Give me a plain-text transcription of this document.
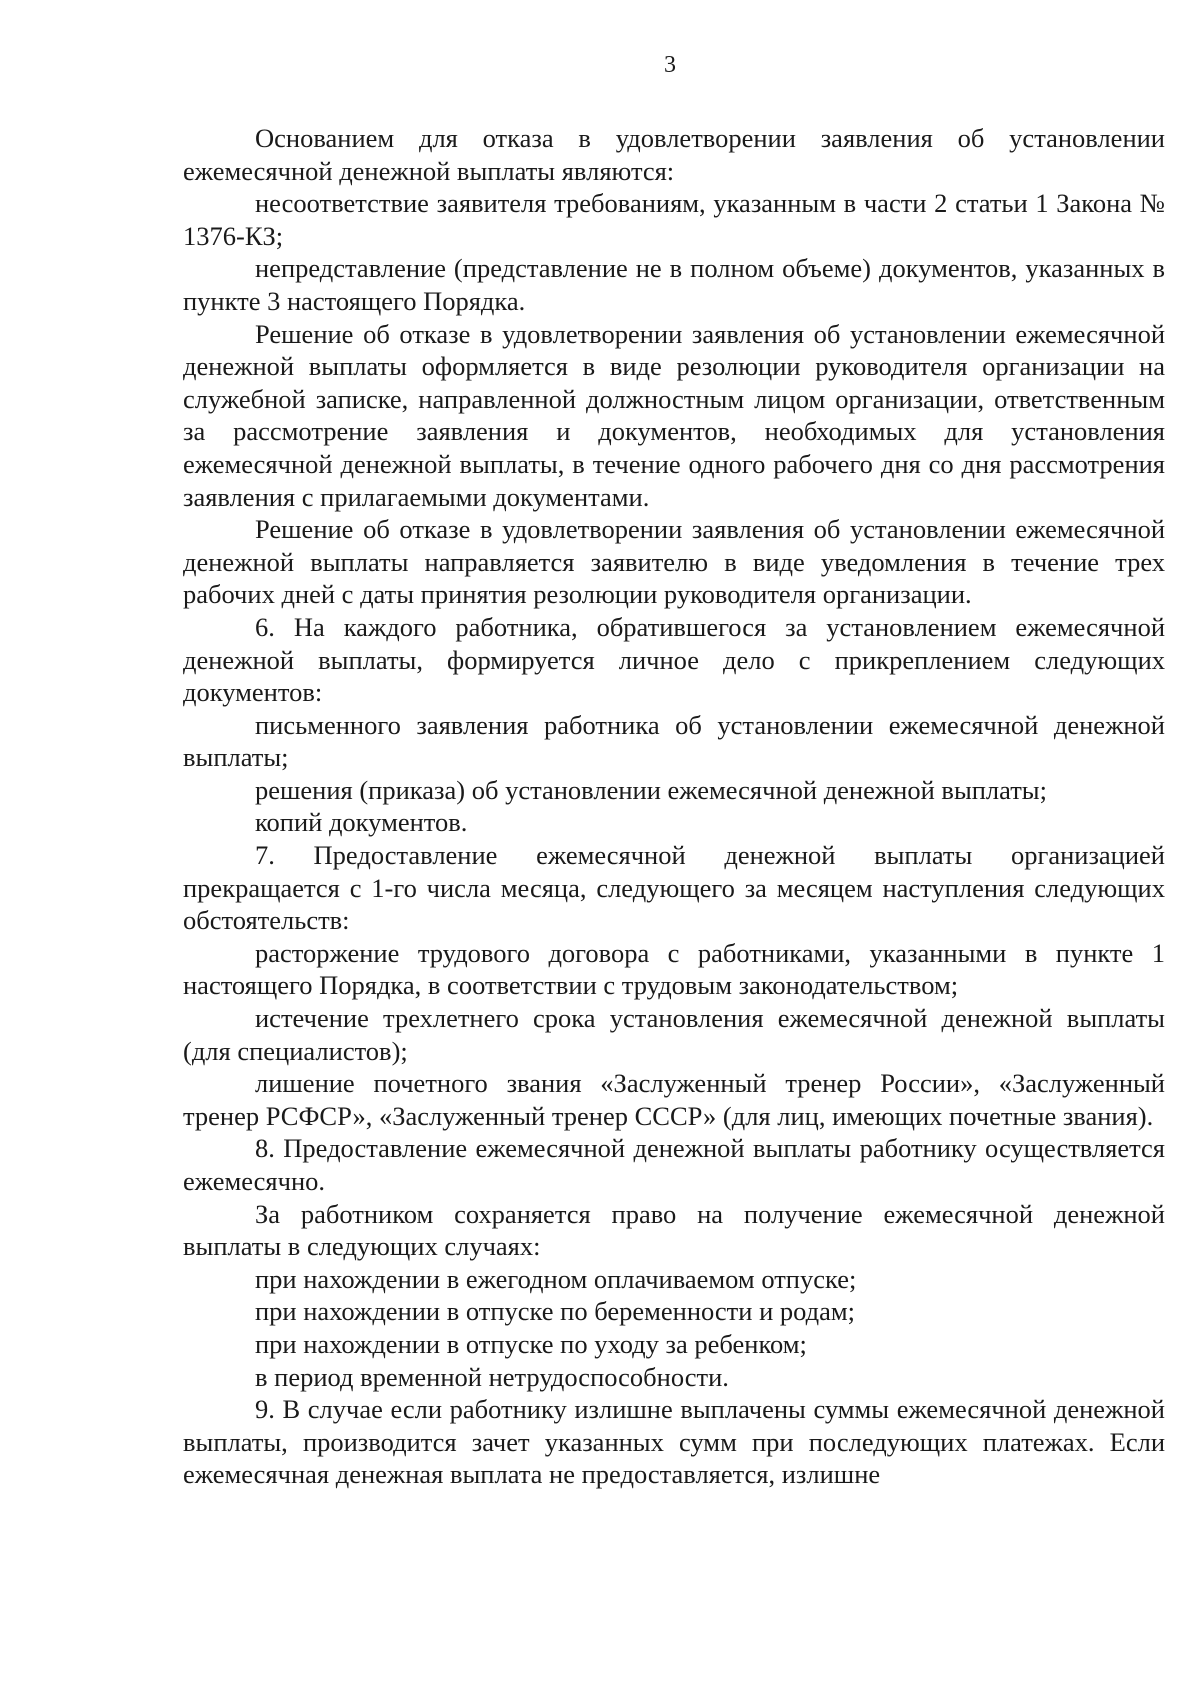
3

Основанием для отказа в удовлетворении заявления об установлении ежемесячной денежной выплаты являются:

несоответствие заявителя требованиям, указанным в части 2 статьи 1 Закона № 1376-КЗ;

непредставление (представление не в полном объеме) документов, указанных в пункте 3 настоящего Порядка.

Решение об отказе в удовлетворении заявления об установлении ежемесячной денежной выплаты оформляется в виде резолюции руководителя организации на служебной записке, направленной должностным лицом организации, ответственным за рассмотрение заявления и документов, необходимых для установления ежемесячной денежной выплаты, в течение одного рабочего дня со дня рассмотрения заявления с прилагаемыми документами.

Решение об отказе в удовлетворении заявления об установлении ежемесячной денежной выплаты направляется заявителю в виде уведомления в течение трех рабочих дней с даты принятия резолюции руководителя организации.

6. На каждого работника, обратившегося за установлением ежемесячной денежной выплаты, формируется личное дело с прикреплением следующих документов:

письменного заявления работника об установлении ежемесячной денежной выплаты;

решения (приказа) об установлении ежемесячной денежной выплаты;

копий документов.

7. Предоставление ежемесячной денежной выплаты организацией прекращается с 1-го числа месяца, следующего за месяцем наступления следующих обстоятельств:

расторжение трудового договора с работниками, указанными в пункте 1 настоящего Порядка, в соответствии с трудовым законодательством;

истечение трехлетнего срока установления ежемесячной денежной выплаты (для специалистов);

лишение почетного звания «Заслуженный тренер России», «Заслуженный тренер РСФСР», «Заслуженный тренер СССР» (для лиц, имеющих почетные звания).

8. Предоставление ежемесячной денежной выплаты работнику осуществляется ежемесячно.

За работником сохраняется право на получение ежемесячной денежной выплаты в следующих случаях:

при нахождении в ежегодном оплачиваемом отпуске;

при нахождении в отпуске по беременности и родам;

при нахождении в отпуске по уходу за ребенком;

в период временной нетрудоспособности.

9. В случае если работнику излишне выплачены суммы ежемесячной денежной выплаты, производится зачет указанных сумм при последующих платежах. Если ежемесячная денежная выплата не предоставляется, излишне
